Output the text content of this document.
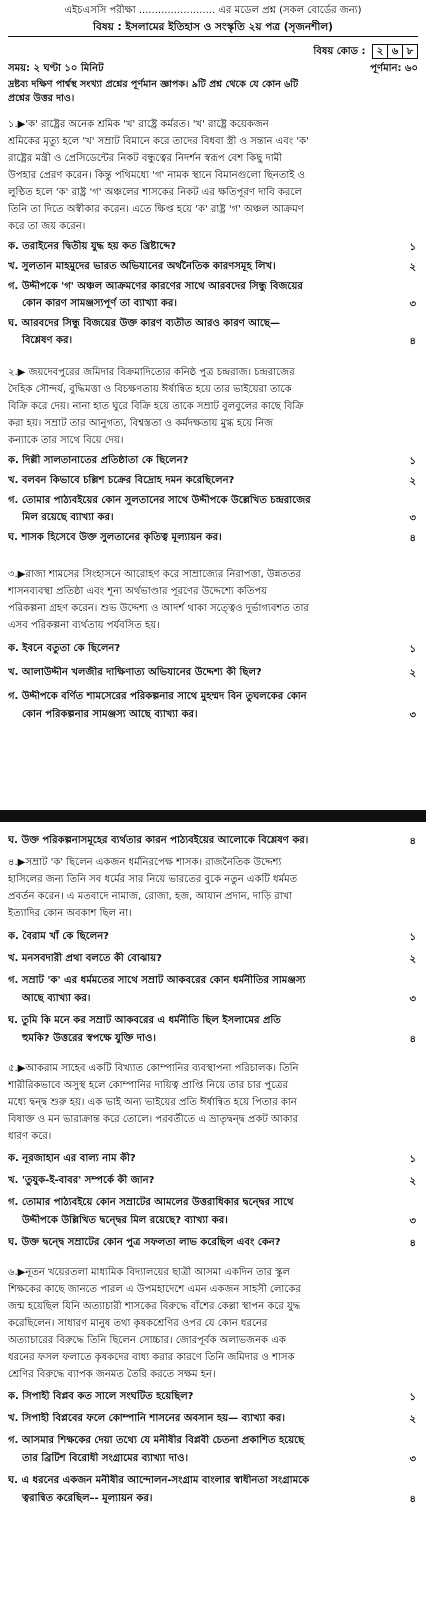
এইচএসসি পরীক্ষা ........................ এর মডেল প্রশ্ন (সকল বোর্ডের জন্য)
বিষয় : ইসলামের ইতিহাস ও সংস্কৃতি ২য় পত্র (সৃজনশীল)
বিষয় কোড : ২ ৬ ৮
সময়: ২ ঘণ্টা ১০ মিনিট	পূর্ণমান: ৬০
দ্রষ্টব্য দক্ষিণ পার্শ্বস্থ সংখ্যা প্রশ্নের পূর্ণমান জ্ঞাপক। ৯টি প্রশ্ন থেকে যে কোন ৬টি
প্রশ্নের উত্তর দাও।
১.▶'ক' রাষ্ট্রের অনেক শ্রমিক 'খ' রাষ্ট্রে কর্মরত। 'খ' রাষ্ট্রে কয়েকজন
শ্রমিকের মৃত্যু হলে 'খ' সম্রাট বিমানে করে তাদের বিধবা স্ত্রী ও সন্তান এবং 'ক'
রাষ্ট্রের মন্ত্রী ও প্রেসিডেন্টের নিকট বন্ধুত্বের নিদর্শন স্বরূপ বেশ কিছু দামী
উপহার প্রেরণ করেন। কিন্তু পথিমধ্যে 'গ' নামক স্থানে বিমানগুলো ছিনতাই ও
লুণ্ঠিত হলে 'ক' রাষ্ট্র 'গ' অঞ্চলের শাসকের নিকট এর ক্ষতিপূরণ দাবি করলে
তিনি তা দিতে অস্বীকার করেন। এতে ক্ষিপ্ত হয়ে 'ক' রাষ্ট্র 'গ' অঞ্চল আক্রমণ
করে তা জয় করেন।
ক. তরাইনের দ্বিতীয় যুদ্ধ হয় কত খ্রিষ্টাব্দে?	১
খ. সুলতান মাহমুদের ভারত অভিযানের অর্থনৈতিক কারণসমূহ লিখ।	২
গ. উদ্দীপকে 'গ' অঞ্চল আক্রমণের কারণের সাথে আরবদের সিন্ধু বিজয়ের
কোন কারণ সামঞ্জস্যপূর্ণ তা ব্যাখ্যা কর।	৩
ঘ. আরবদের সিন্ধু বিজয়ের উক্ত কারণ ব্যতীত আরও কারণ আছে—
বিশ্লেষণ কর।	৪
২.▶ জয়দেবপুরের জমিদার বিক্রমাদিত্যের কনিষ্ঠ পুত্র চন্দ্ররাজ। চন্দ্ররাজের
দৈহিক সৌন্দর্য, বুদ্ধিমত্তা ও বিচক্ষণতায় ঈর্ষান্বিত হয়ে তার ভাইয়েরা তাকে
বিক্রি করে দেয়। নানা হাত ঘুরে বিক্রি হয়ে তাকে সম্রাট বুলবুলের কাছে বিক্রি
করা হয়। সম্রাট তার আনুগত্য, বিশ্বস্ততা ও কর্মদক্ষতায় মুগ্ধ হয়ে নিজ
কন্যাকে তার সাথে বিয়ে দেয়।
ক. দিল্লী সালতানাতের প্রতিষ্ঠাতা কে ছিলেন?	১
খ. বলবন কিভাবে চল্লিশ চক্রের বিদ্রোহ দমন করেছিলেন?	২
গ. তোমার পাঠ্যবইয়ের কোন সুলতানের সাথে উদ্দীপকে উল্লেখিত চন্দ্ররাজের
মিল রয়েছে ব্যাখ্যা কর।	৩
ঘ. শাসক হিসেবে উক্ত সুলতানের কৃতিত্ব মূল্যায়ন কর।	৪
৩.▶রাজা শামসের সিংহাসনে আরোহণ করে সাম্রাজ্যের নিরাপত্তা, উন্নততর
শাসনব্যবস্থা প্রতিষ্ঠা এবং শূন্য অর্থভাণ্ডার পূরণের উদ্দেশ্যে কতিপয়
পরিকল্পনা গ্রহণ করেন। শুভ উদ্দেশ্য ও আদর্শ থাকা সত্ত্বেও দুর্ভাগ্যবশত তার
এসব পরিকল্পনা ব্যর্থতায় পর্যবসিত হয়।
ক. ইবনে বতুতা কে ছিলেন?	১
খ. আলাউদ্দীন খলজীর দাক্ষিণাত্য অভিযানের উদ্দেশ্য কী ছিল?	২
গ. উদ্দীপকে বর্ণিত শামসেরের পরিকল্পনার সাথে মুহম্মদ বিন তুঘলকের কোন
কোন পরিকল্পনার সামঞ্জস্য আছে ব্যাখ্যা কর।	৩
ঘ. উক্ত পরিকল্পনাসমূহের ব্যর্থতার কারন পাঠ্যবইয়ের আলোকে বিশ্লেষণ কর।	৪
৪.▶সম্রাট 'ক' ছিলেন একজন ধর্মনিরপেক্ষ শাসক। রাজনৈতিক উদ্দেশ্য
হাসিলের জন্য তিনি সব ধর্মের সার নিয়ে ভারতের বুকে নতুন একটি ধর্মমত
প্রবর্তন করেন। এ মতবাদে নামাজ, রোজা, হজ, আযান প্রদান, দাড়ি রাখা
ইত্যাদির কোন অবকাশ ছিল না।
ক. বৈরাম খাঁ কে ছিলেন?	১
খ. মনসবদারী প্রথা বলতে কী বোঝায়?	২
গ. সম্রাট 'ক' এর ধর্মমতের সাথে সম্রাট আকবরের কোন ধর্মনীতির সামঞ্জস্য
আছে ব্যাখ্যা কর।	৩
ঘ. তুমি কি মনে কর সম্রাট আকবরের এ ধর্মনীতি ছিল ইসলামের প্রতি
হুমকি? উত্তরের স্বপক্ষে যুক্তি দাও।	৪
৫.▶আকরাম সাহেব একটি বিখ্যাত কোম্পানির ব্যবস্থাপনা পরিচালক। তিনি
শারীরিকভাবে অসুস্থ হলে কোম্পানির দায়িত্ব প্রাপ্তি নিয়ে তার চার পুত্রের
মধ্যে দ্বন্দ্ব শুরু হয়। এক ভাই অন্য ভাইয়ের প্রতি ঈর্ষান্বিত হয়ে পিতার কান
বিষাক্ত ও মন ভারাক্রান্ত করে তোলে। পরবর্তীতে এ ভ্রাতৃদ্বন্দ্ব প্রকট আকার
ধারণ করে।
ক. নূরজাহান এর বাল্য নাম কী?	১
খ. 'তুযুক-ই-বাবর' সম্পর্কে কী জান?	২
গ. তোমার পাঠ্যবইয়ে কোন সম্রাটের আমলের উত্তরাধিকার দ্বন্দ্বের সাথে
উদ্দীপকে উল্লিখিত দ্বন্দ্বের মিল রয়েছে? ব্যাখ্যা কর।	৩
ঘ. উক্ত দ্বন্দ্বে সম্রাটের কোন পুত্র সফলতা লাভ করেছিল এবং কেন?	৪
৬.▶নূতন খয়েরতলা মাধ্যমিক বিদ্যালয়ের ছাত্রী আসমা একদিন তার স্কুল
শিক্ষকের কাছে জানতে পারল এ উপমহাদেশে এমন একজন সাহসী লোকের
জন্ম হয়েছিল যিনি অত্যাচারী শাসকের বিরুদ্ধে বাঁশের কেল্লা স্থাপন করে যুদ্ধ
করেছিলেন। সাধারণ মানুষ তথা কৃষকশ্রেণির ওপর যে কোন ধরনের
অত্যাচারের বিরুদ্ধে তিনি ছিলেন সোচ্চার। জোরপূর্বক অলাভজনক এক
ধরনের ফসল ফলাতে কৃষকদের বাধ্য করার কারণে তিনি জমিদার ও শাসক
শ্রেণির বিরুদ্ধে ব্যাপক জনমত তৈরি করতে সক্ষম হন।
ক. সিপাহী বিপ্লব কত সালে সংঘটিত হয়েছিল?	১
খ. সিপাহী বিপ্লবের ফলে কোম্পানি শাসনের অবসান হয়— ব্যাখ্যা কর।	২
গ. আসমার শিক্ষকের দেয়া তথ্যে যে মনীষীর বিপ্লবী চেতনা প্রকাশিত হয়েছে
তার ব্রিটিশ বিরোধী সংগ্রামের ব্যাখ্যা দাও।	৩
ঘ. এ ধরনের একজন মনীষীর আন্দোলন-সংগ্রাম বাংলার স্বাধীনতা সংগ্রামকে
ত্বরান্বিত করেছিল–- মূল্যায়ন কর।	৪
